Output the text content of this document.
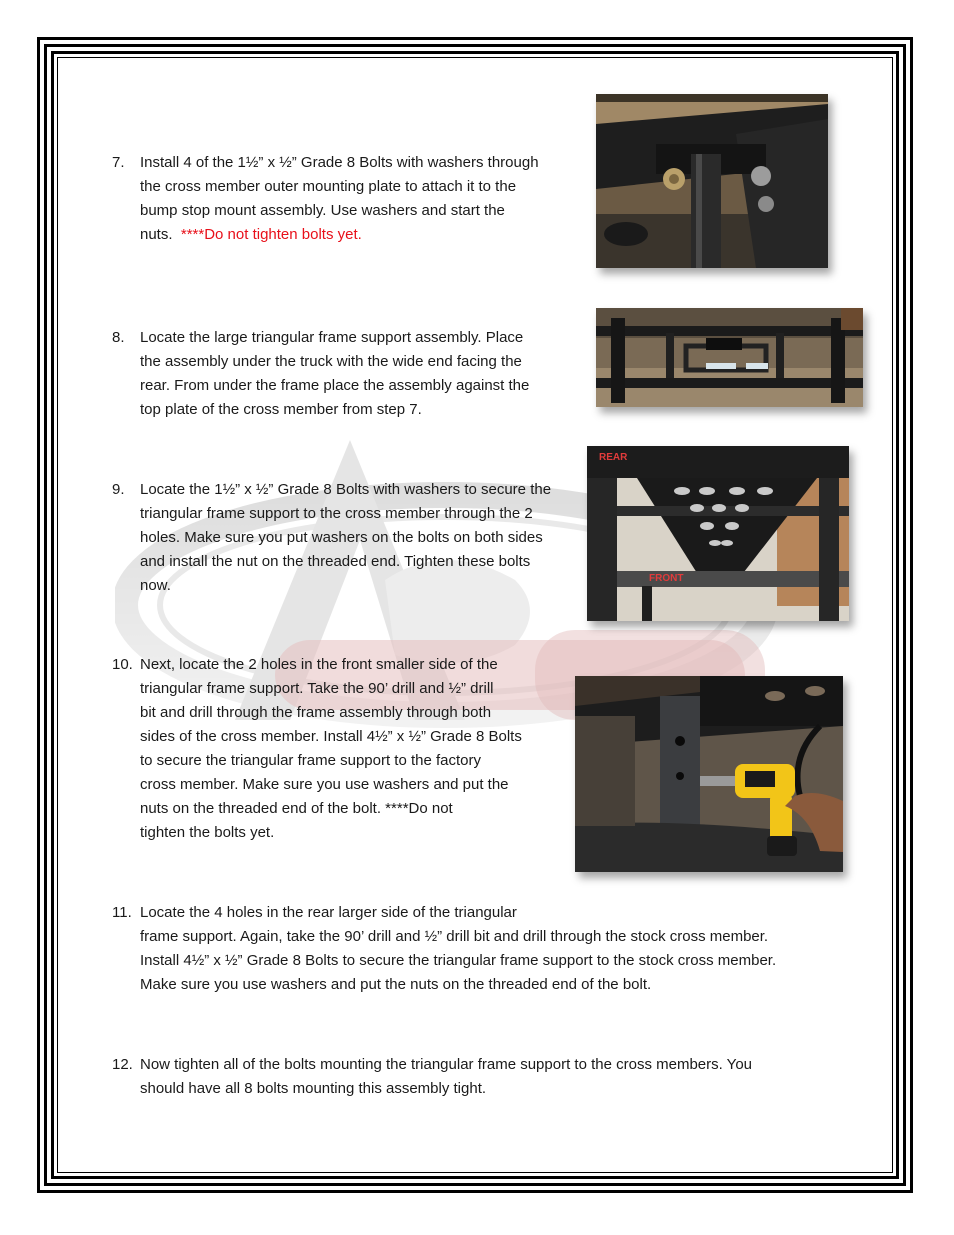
7.	Install 4 of the 1½” x ½” Grade 8 Bolts with washers through
the cross member outer mounting plate to attach it to the
bump stop mount assembly. Use washers and start the
nuts.  ****Do not tighten bolts yet.
8.	Locate the large triangular frame support assembly. Place
the assembly under the truck with the wide end facing the
rear. From under the frame place the assembly against the
top plate of the cross member from step 7.
9.	Locate the 1½” x ½” Grade 8 Bolts with washers to secure the
triangular frame support to the cross member through the 2
holes. Make sure you put washers on the bolts on both sides
and install the nut on the threaded end. Tighten these bolts
now.
10. Next, locate the 2 holes in the front smaller side of the
triangular frame support. Take the 90’ drill and ½” drill
bit and drill through the frame assembly through both
sides of the cross member. Install 4½” x ½” Grade 8 Bolts
to secure the triangular frame support to the factory
cross member. Make sure you use washers and put the
nuts on the threaded end of the bolt. ****Do not
tighten the bolts yet.
11. Locate the 4 holes in the rear larger side of the triangular
frame support. Again, take the 90’ drill and ½” drill bit and drill through the stock cross member.
Install 4½” x ½” Grade 8 Bolts to secure the triangular frame support to the stock cross member.
Make sure you use washers and put the nuts on the threaded end of the bolt.
12. Now tighten all of the bolts mounting the triangular frame support to the cross members. You
should have all 8 bolts mounting this assembly tight.
REAR
FRONT
